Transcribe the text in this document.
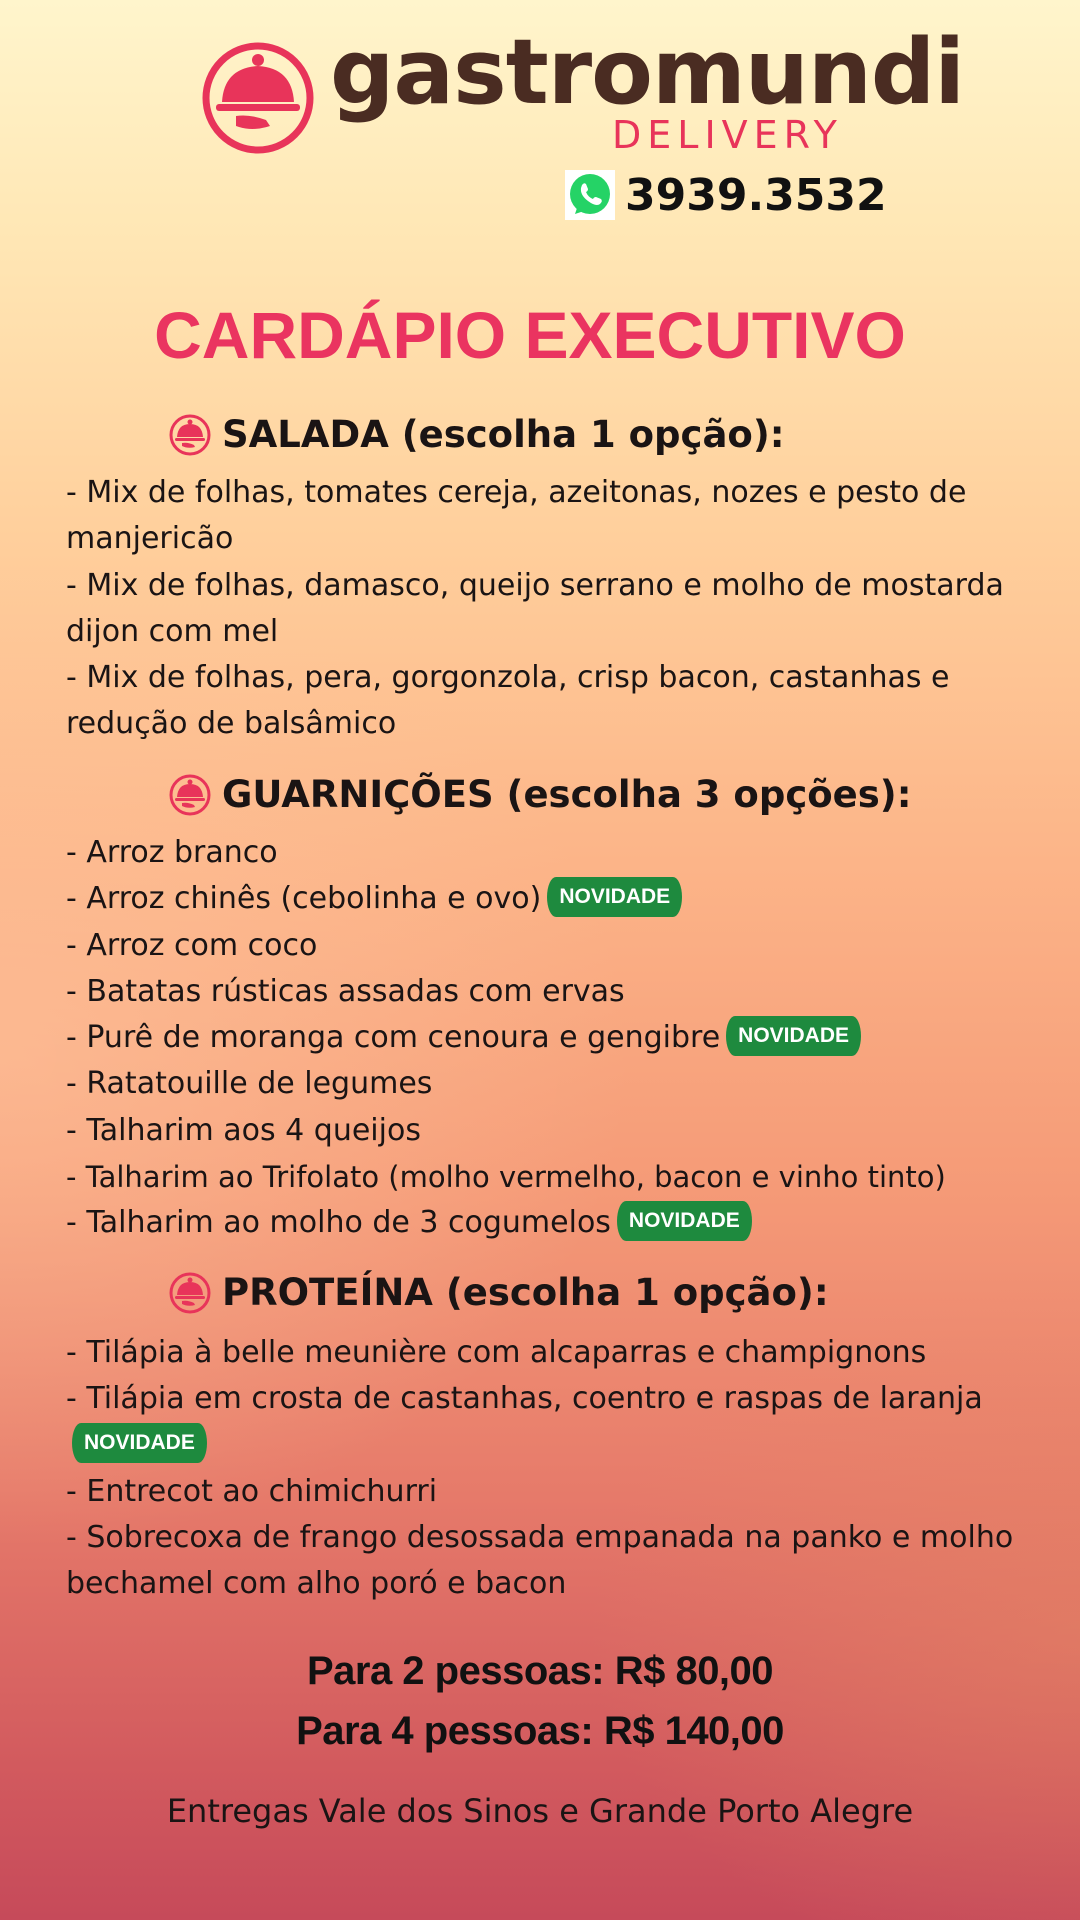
gastromundi
DELIVERY
3939.3532
CARDÁPIO EXECUTIVO
SALADA (escolha 1 opção):
- Mix de folhas, tomates cereja, azeitonas, nozes e pesto de manjericão
- Mix de folhas, damasco, queijo serrano e molho de mostarda dijon com mel
- Mix de folhas, pera, gorgonzola, crisp bacon, castanhas e redução de balsâmico
GUARNIÇÕES (escolha 3 opções):
- Arroz branco
- Arroz chinês (cebolinha e ovo) NOVIDADE
- Arroz com coco
- Batatas rústicas assadas com ervas
- Purê de moranga com cenoura e gengibre NOVIDADE
- Ratatouille de legumes
- Talharim aos 4 queijos
- Talharim ao Trifolato (molho vermelho, bacon e vinho tinto)
- Talharim ao molho de 3 cogumelos NOVIDADE
PROTEÍNA (escolha 1 opção):
- Tilápia à belle meunière com alcaparras e champignons
- Tilápia em crosta de castanhas, coentro e raspas de laranja NOVIDADE
- Entrecot ao chimichurri
- Sobrecoxa de frango desossada empanada na panko e molho bechamel com alho poró e bacon
Para 2 pessoas: R$ 80,00
Para 4 pessoas: R$ 140,00
Entregas Vale dos Sinos e Grande Porto Alegre
